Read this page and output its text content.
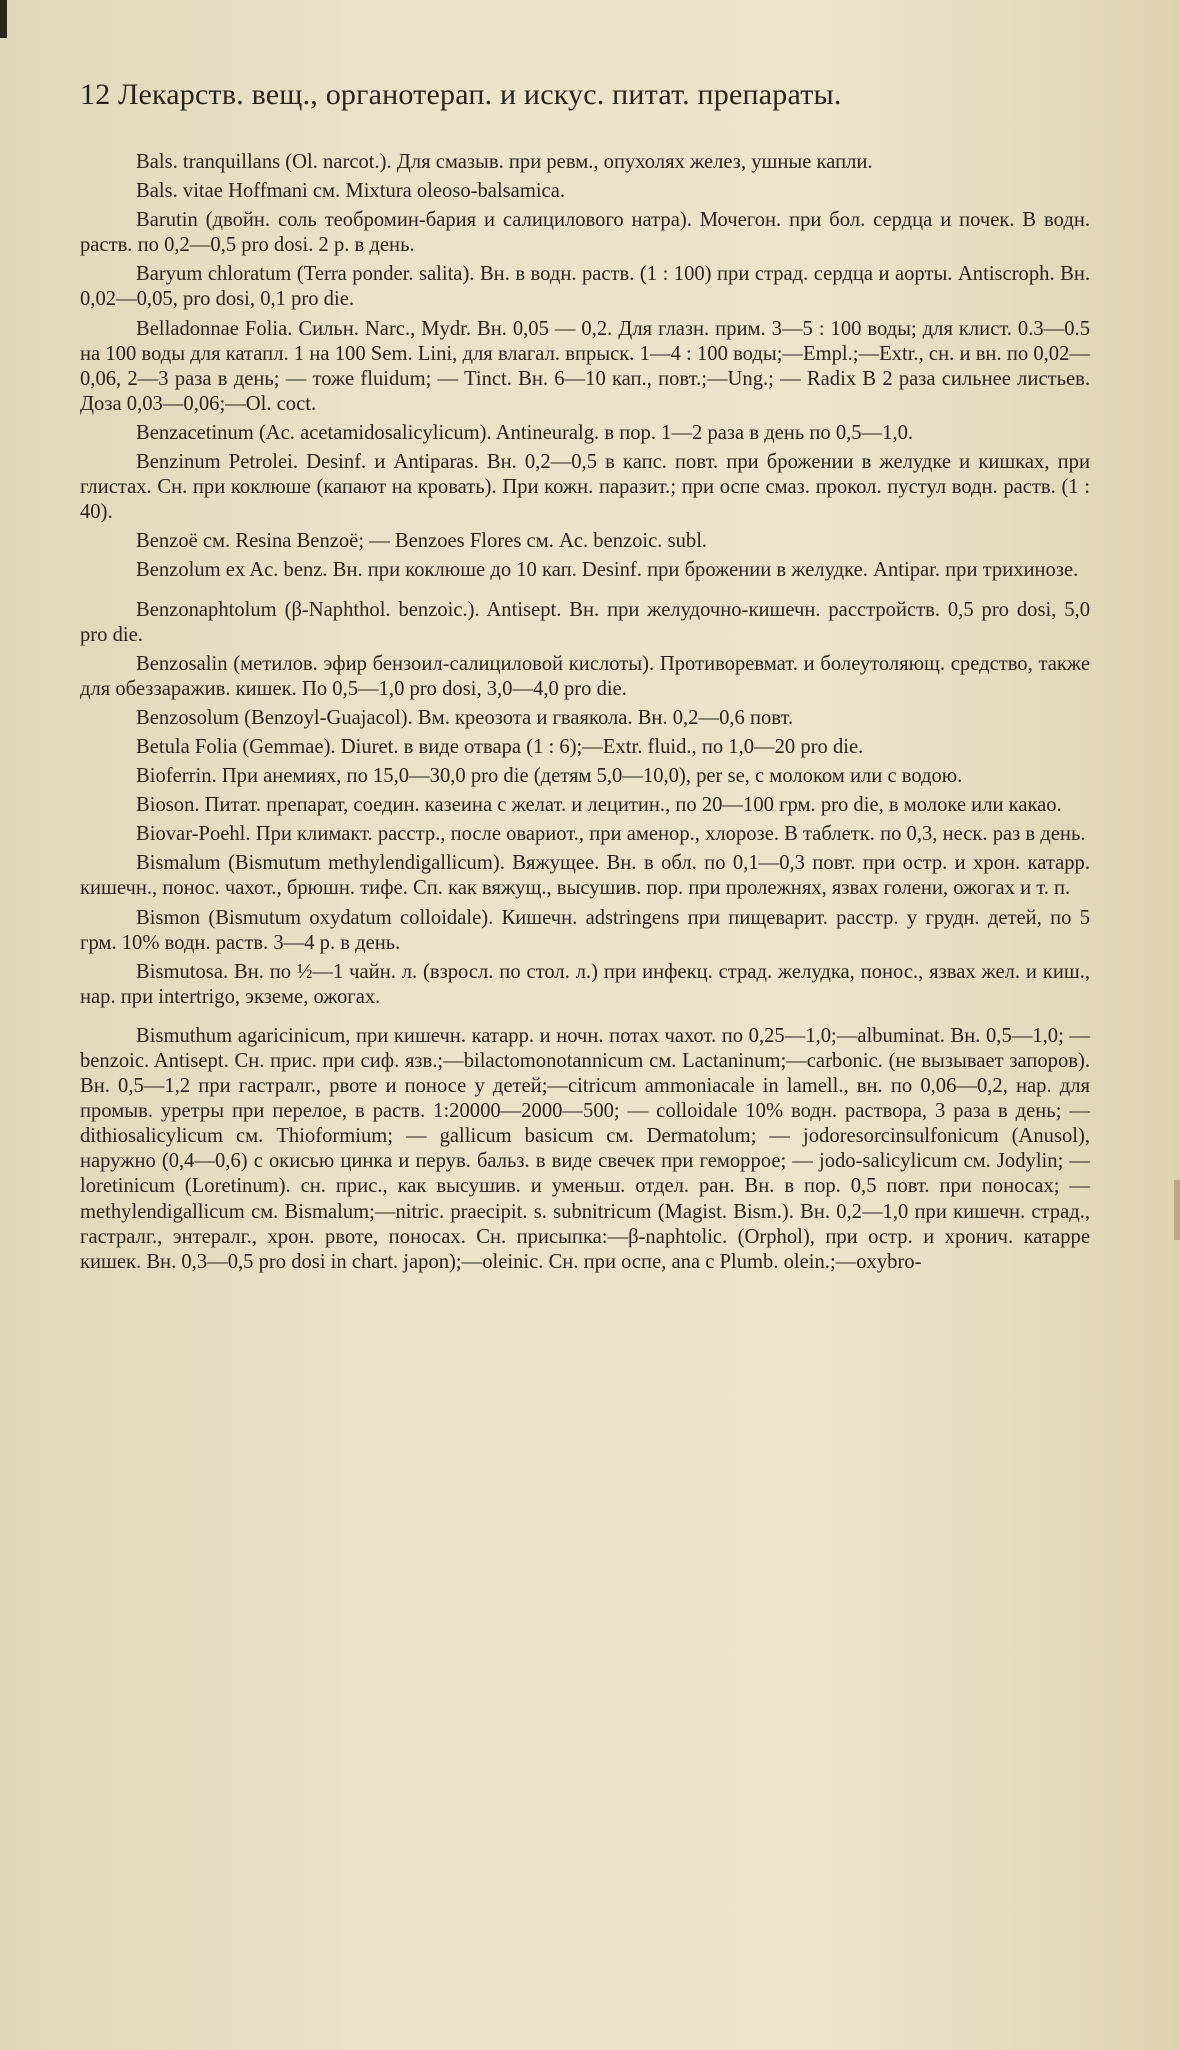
12 Лекарств. вещ., органотерап. и искус. питат. препараты.

Bals. tranquillans (Ol. narcot.). Для смазыв. при ревм., опухолях желез, ушные капли.

Bals. vitae Hoffmani см. Mixtura oleoso-balsamica.

Barutin (двойн. соль теобромин-бария и салицилового натра). Мочегон. при бол. сердца и почек. В водн. раств. по 0,2—0,5 pro dosi. 2 р. в день.

Baryum chloratum (Terra ponder. salita). Вн. в водн. раств. (1 : 100) при страд. сердца и аорты. Antiscroph. Вн. 0,02—0,05, pro dosi, 0,1 pro die.

Belladonnae Folia. Сильн. Narc., Mydr. Вн. 0,05 — 0,2. Для глазн. прим. 3—5 : 100 воды; для клист. 0.3—0.5 на 100 воды для катапл. 1 на 100 Sem. Lini, для влагал. впрыск. 1—4 : 100 воды;—Empl.;—Extr., сн. и вн. по 0,02—0,06, 2—3 раза в день; — тоже fluidum; — Tinct. Вн. 6—10 кап., повт.;—Ung.; — Radix В 2 раза сильнее листьев. Доза 0,03—0,06;—Ol. coct.

Benzacetinum (Ac. acetamidosalicylicum). Antineuralg. в пор. 1—2 раза в день по 0,5—1,0.

Benzinum Petrolei. Desinf. и Antiparas. Вн. 0,2—0,5 в капс. повт. при брожении в желудке и кишках, при глистах. Сн. при коклюше (капают на кровать). При кожн. паразит.; при оспе смаз. прокол. пустул водн. раств. (1 : 40).

Benzoë см. Resina Benzoë; — Benzoes Flores см. Ac. benzoic. subl.

Benzolum ex Ac. benz. Вн. при коклюше до 10 кап. Desinf. при брожении в желудке. Antipar. при трихинозе.

Benzonaphtolum (β-Naphthol. benzoic.). Antisept. Вн. при желудочно-кишечн. расстройств. 0,5 pro dosi, 5,0 pro die.

Benzosalin (метилов. эфир бензоил-салициловой кислоты). Противоревмат. и болеутоляющ. средство, также для обеззаражив. кишек. По 0,5—1,0 pro dosi, 3,0—4,0 pro die.

Benzosolum (Benzoyl-Guajacol). Вм. креозота и гваякола. Вн. 0,2—0,6 повт.

Betula Folia (Gemmae). Diuret. в виде отвара (1 : 6);—Extr. fluid., по 1,0—20 pro die.

Bioferrin. При анемиях, по 15,0—30,0 pro die (детям 5,0—10,0), per se, с молоком или с водою.

Bioson. Питат. препарат, соедин. казеина с желат. и лецитин., по 20—100 грм. pro die, в молоке или какао.

Biovar-Poehl. При климакт. расстр., после овариот., при аменор., хлорозе. В таблетк. по 0,3, неск. раз в день.

Bismalum (Bismutum methylendigallicum). Вяжущее. Вн. в обл. по 0,1—0,3 повт. при остр. и хрон. катарр. кишечн., понос. чахот., брюшн. тифе. Сп. как вяжущ., высушив. пор. при пролежнях, язвах голени, ожогах и т. п.

Bismon (Bismutum oxydatum colloidale). Кишечн. adstringens при пищеварит. расстр. у грудн. детей, по 5 грм. 10% водн. раств. 3—4 р. в день.

Bismutosa. Вн. по ½—1 чайн. л. (взросл. по стол. л.) при инфекц. страд. желудка, понос., язвах жел. и киш., нар. при intertrigo, экземе, ожогах.

Bismuthum agaricinicum, при кишечн. катарр. и ночн. потах чахот. по 0,25—1,0;—albuminat. Вн. 0,5—1,0; — benzoic. Antisept. Сн. прис. при сиф. язв.;—bilactomonotannicum см. Lactaninum;—carbonic. (не вызывает запоров). Вн. 0,5—1,2 при гастралг., рвоте и поносе у детей;—citricum ammoniacale in lamell., вн. по 0,06—0,2, нар. для промыв. уретры при перелое, в раств. 1:20000—2000—500; — colloidale 10% водн. раствора, 3 раза в день; — dithiosalicylicum см. Thioformium; — gallicum basicum см. Dermatolum; — jodoresorcinsulfonicum (Anusol), наружно (0,4—0,6) с окисью цинка и перув. бальз. в виде свечек при геморрое; — jodo-salicylicum см. Jodylin; — loretinicum (Loretinum). сн. прис., как высушив. и уменьш. отдел. ран. Вн. в пор. 0,5 повт. при поносах; — methylendigallicum см. Bismalum;—nitric. praecipit. s. subnitricum (Magist. Bism.). Вн. 0,2—1,0 при кишечн. страд., гастралг., энтералг., хрон. рвоте, поносах. Сн. присыпка:—β-naphtolic. (Orphol), при остр. и хронич. катарре кишек. Вн. 0,3—0,5 pro dosi in chart. japon);—oleinic. Сн. при оспе, ana с Plumb. olein.;—oxybro-
